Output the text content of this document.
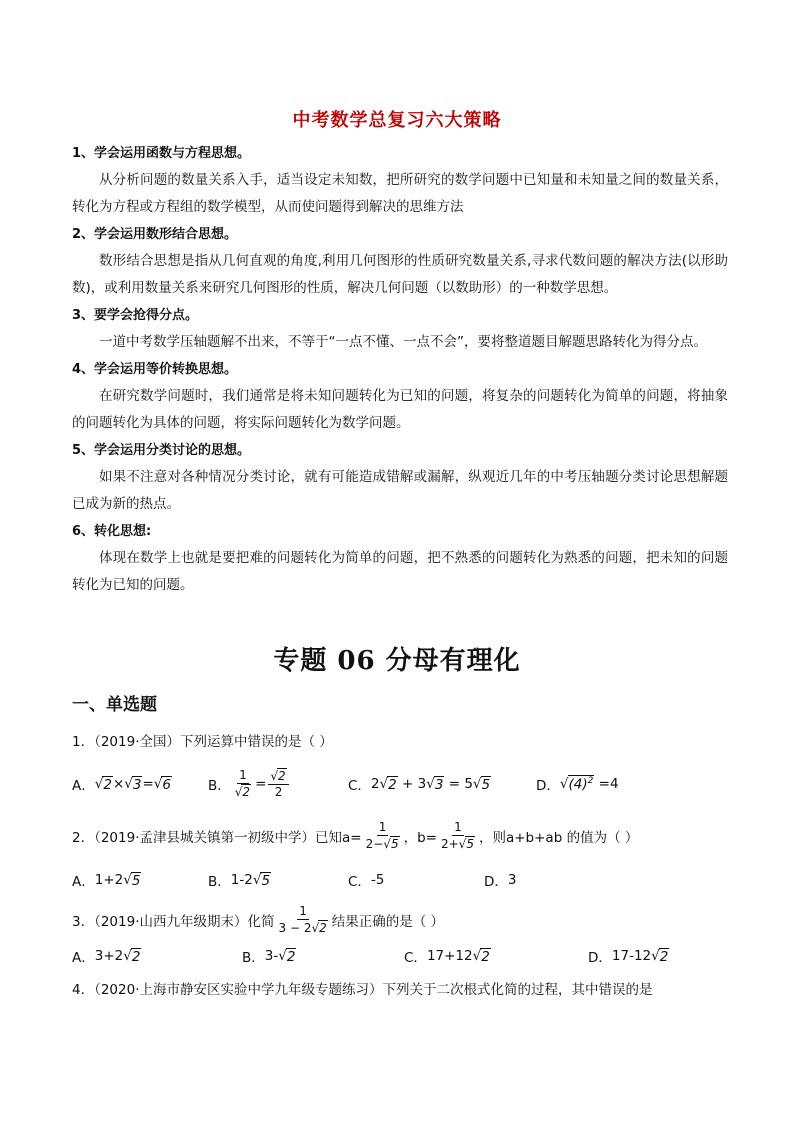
中考数学总复习六大策略
1、学会运用函数与方程思想。
从分析问题的数量关系入手，适当设定未知数，把所研究的数学问题中已知量和未知量之间的数量关系，转化为方程或方程组的数学模型，从而使问题得到解决的思维方法
2、学会运用数形结合思想。
数形结合思想是指从几何直观的角度,利用几何图形的性质研究数量关系,寻求代数问题的解决方法(以形助数)，或利用数量关系来研究几何图形的性质，解决几何问题（以数助形）的一种数学思想。
3、要学会抢得分点。
一道中考数学压轴题解不出来，不等于“一点不懂、一点不会”，要将整道题目解题思路转化为得分点。
4、学会运用等价转换思想。
在研究数学问题时，我们通常是将未知问题转化为已知的问题，将复杂的问题转化为简单的问题，将抽象的问题转化为具体的问题，将实际问题转化为数学问题。
5、学会运用分类讨论的思想。
如果不注意对各种情况分类讨论，就有可能造成错解或漏解，纵观近几年的中考压轴题分类讨论思想解题已成为新的热点。
6、转化思想:
体现在数学上也就是要把难的问题转化为简单的问题，把不熟悉的问题转化为熟悉的问题，把未知的问题转化为已知的问题。
专题 06 分母有理化
一、单选题
1．（2019·全国）下列运算中错误的是（ ）
A． √ 2 × √ 3 = √ 6	B． $\frac{1}{√2} = \frac{√2}{2}$	C． 2 √ 2 + 3 √ 3 = 5 √ 5	D． √ $(4)^2 =4$
2．（2019·孟津县城关镇第一初级中学）已知$a= \frac{1}{2-√5}$ ，$b= \frac{1}{2+√5}$ ，则a+b+ab 的值为（ ）
A． 1+2 √ 5	B． 1-2 √ 5	C． -5	D． 3
3．（2019·山西九年级期末）化简 $\frac{1}{3 - 2√2}$ 结果正确的是（ ）
A． 3+2 √ 2	B． 3- √ 2	C． 17+12 √ 2	D． 17-12 √ 2
4．（2020·上海市静安区实验中学九年级专题练习）下列关于二次根式化简的过程，其中错误的是
